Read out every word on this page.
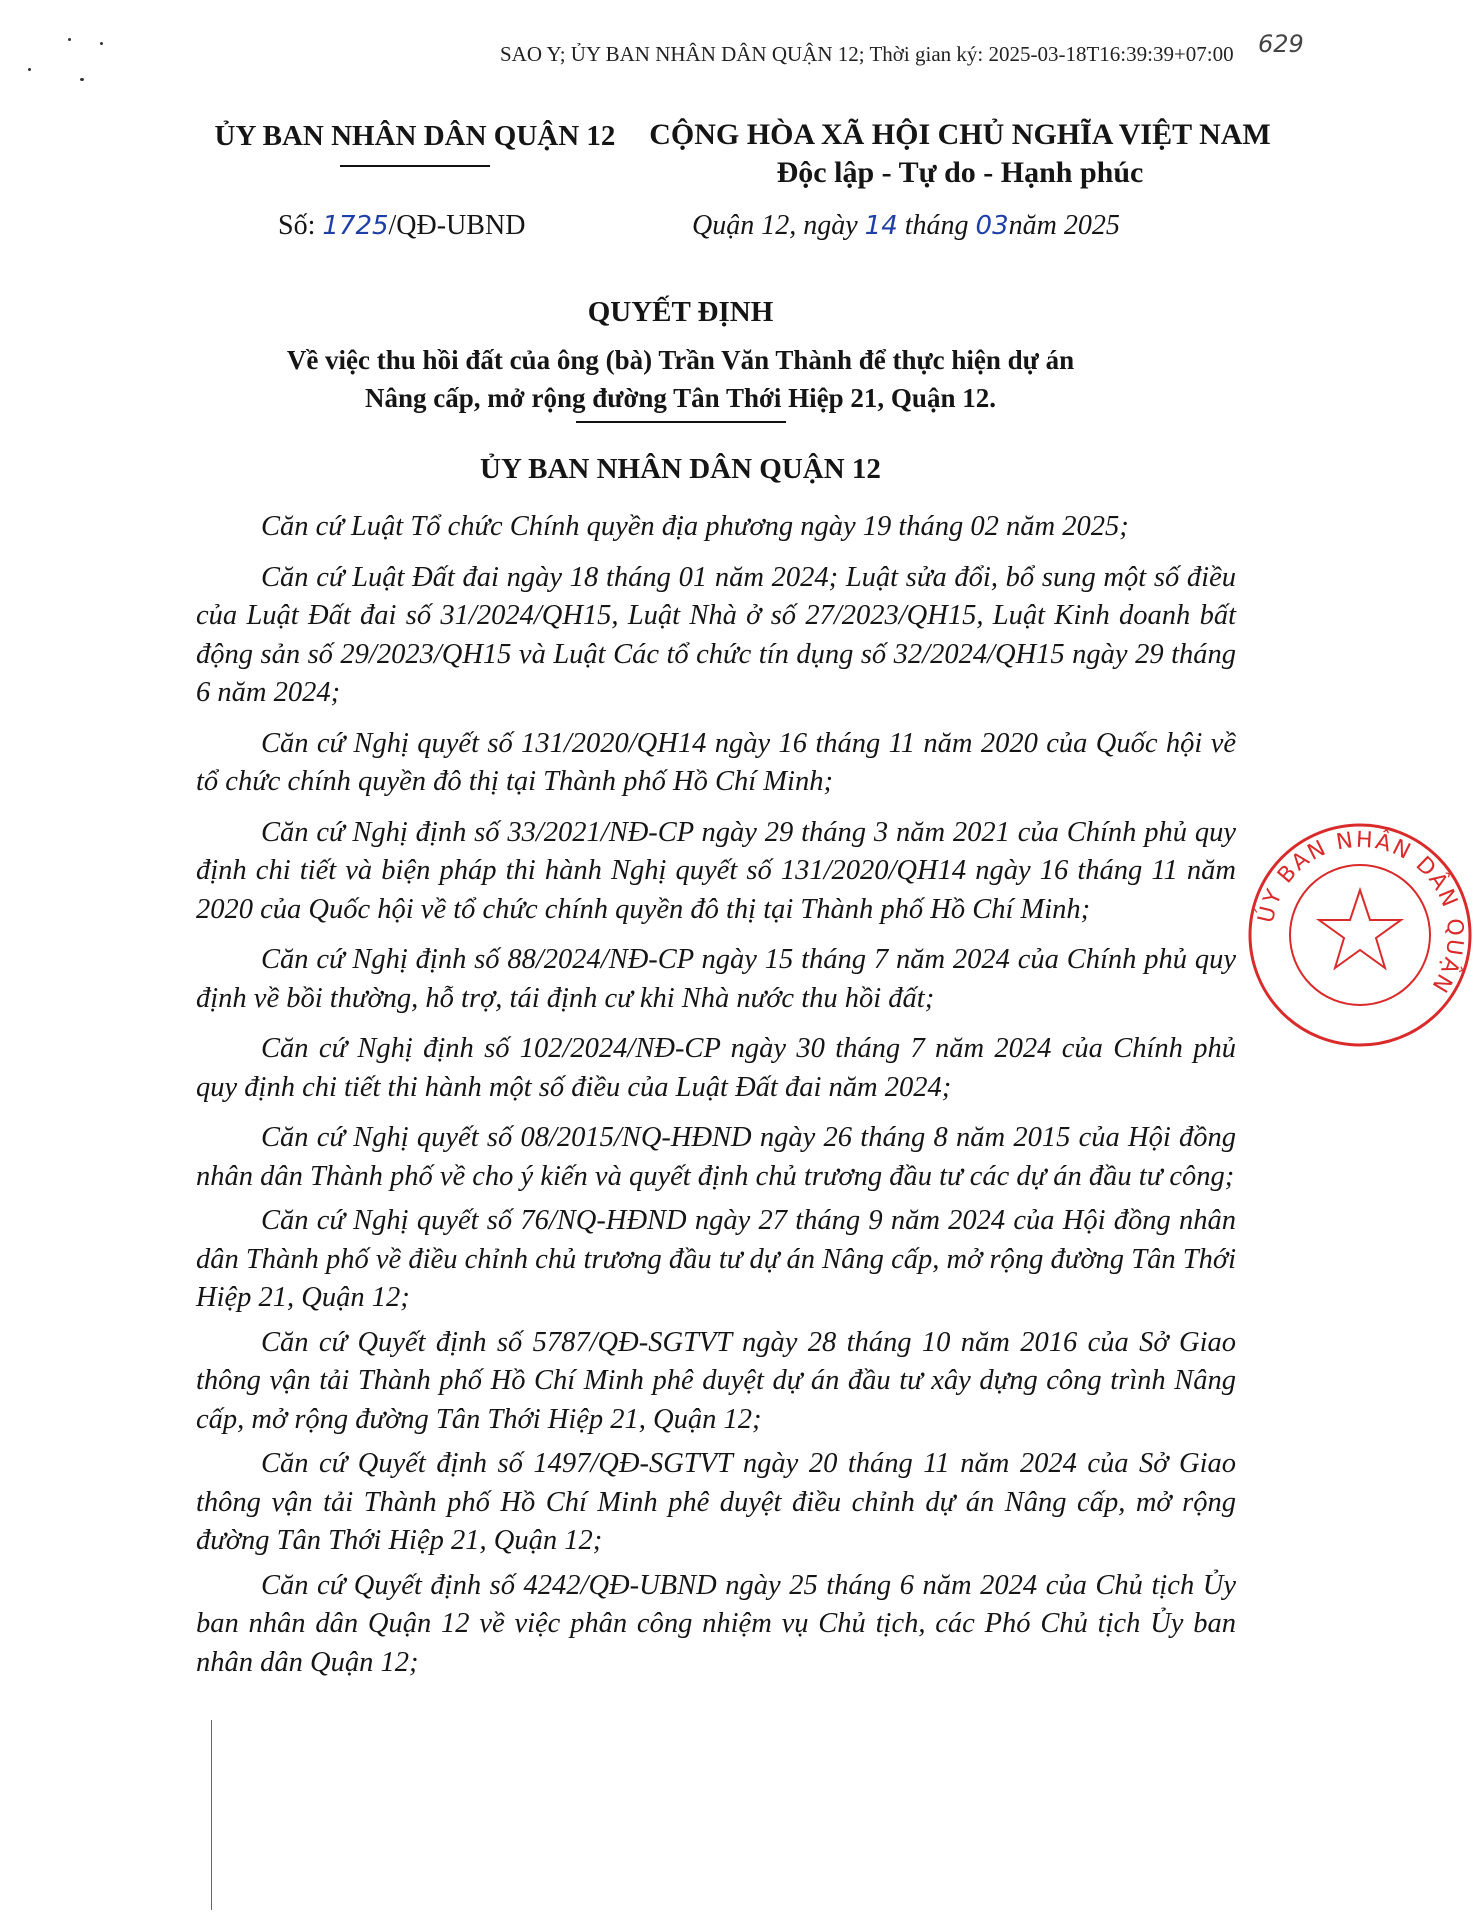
SAO Y; ỦY BAN NHÂN DÂN QUẬN 12; Thời gian ký: 2025-03-18T16:39:39+07:00 629
ỦY BAN NHÂN DÂN QUẬN 12	CỘNG HÒA XÃ HỘI CHỦ NGHĨA VIỆT NAM
Độc lập - Tự do - Hạnh phúc
Số: 1725/QĐ-UBND	Quận 12, ngày 14 tháng 03năm 2025
QUYẾT ĐỊNH
Về việc thu hồi đất của ông (bà) Trần Văn Thành để thực hiện dự án
Nâng cấp, mở rộng đường Tân Thới Hiệp 21, Quận 12.
ỦY BAN NHÂN DÂN QUẬN 12

Căn cứ Luật Tổ chức Chính quyền địa phương ngày 19 tháng 02 năm 2025;

Căn cứ Luật Đất đai ngày 18 tháng 01 năm 2024; Luật sửa đổi, bổ sung một số điều của Luật Đất đai số 31/2024/QH15, Luật Nhà ở số 27/2023/QH15, Luật Kinh doanh bất động sản số 29/2023/QH15 và Luật Các tổ chức tín dụng số 32/2024/QH15 ngày 29 tháng 6 năm 2024;

Căn cứ Nghị quyết số 131/2020/QH14 ngày 16 tháng 11 năm 2020 của Quốc hội về tổ chức chính quyền đô thị tại Thành phố Hồ Chí Minh;

Căn cứ Nghị định số 33/2021/NĐ-CP ngày 29 tháng 3 năm 2021 của Chính phủ quy định chi tiết và biện pháp thi hành Nghị quyết số 131/2020/QH14 ngày 16 tháng 11 năm 2020 của Quốc hội về tổ chức chính quyền đô thị tại Thành phố Hồ Chí Minh;

Căn cứ Nghị định số 88/2024/NĐ-CP ngày 15 tháng 7 năm 2024 của Chính phủ quy định về bồi thường, hỗ trợ, tái định cư khi Nhà nước thu hồi đất;

Căn cứ Nghị định số 102/2024/NĐ-CP ngày 30 tháng 7 năm 2024 của Chính phủ quy định chi tiết thi hành một số điều của Luật Đất đai năm 2024;

Căn cứ Nghị quyết số 08/2015/NQ-HĐND ngày 26 tháng 8 năm 2015 của Hội đồng nhân dân Thành phố về cho ý kiến và quyết định chủ trương đầu tư các dự án đầu tư công;

Căn cứ Nghị quyết số 76/NQ-HĐND ngày 27 tháng 9 năm 2024 của Hội đồng nhân dân Thành phố về điều chỉnh chủ trương đầu tư dự án Nâng cấp, mở rộng đường Tân Thới Hiệp 21, Quận 12;

Căn cứ Quyết định số 5787/QĐ-SGTVT ngày 28 tháng 10 năm 2016 của Sở Giao thông vận tải Thành phố Hồ Chí Minh phê duyệt dự án đầu tư xây dựng công trình Nâng cấp, mở rộng đường Tân Thới Hiệp 21, Quận 12;

Căn cứ Quyết định số 1497/QĐ-SGTVT ngày 20 tháng 11 năm 2024 của Sở Giao thông vận tải Thành phố Hồ Chí Minh phê duyệt điều chỉnh dự án Nâng cấp, mở rộng đường Tân Thới Hiệp 21, Quận 12;

Căn cứ Quyết định số 4242/QĐ-UBND ngày 25 tháng 6 năm 2024 của Chủ tịch Ủy ban nhân dân Quận 12 về việc phân công nhiệm vụ Chủ tịch, các Phó Chủ tịch Ủy ban nhân dân Quận 12;

ỦY BAN NHÂN DÂN QUẬN
